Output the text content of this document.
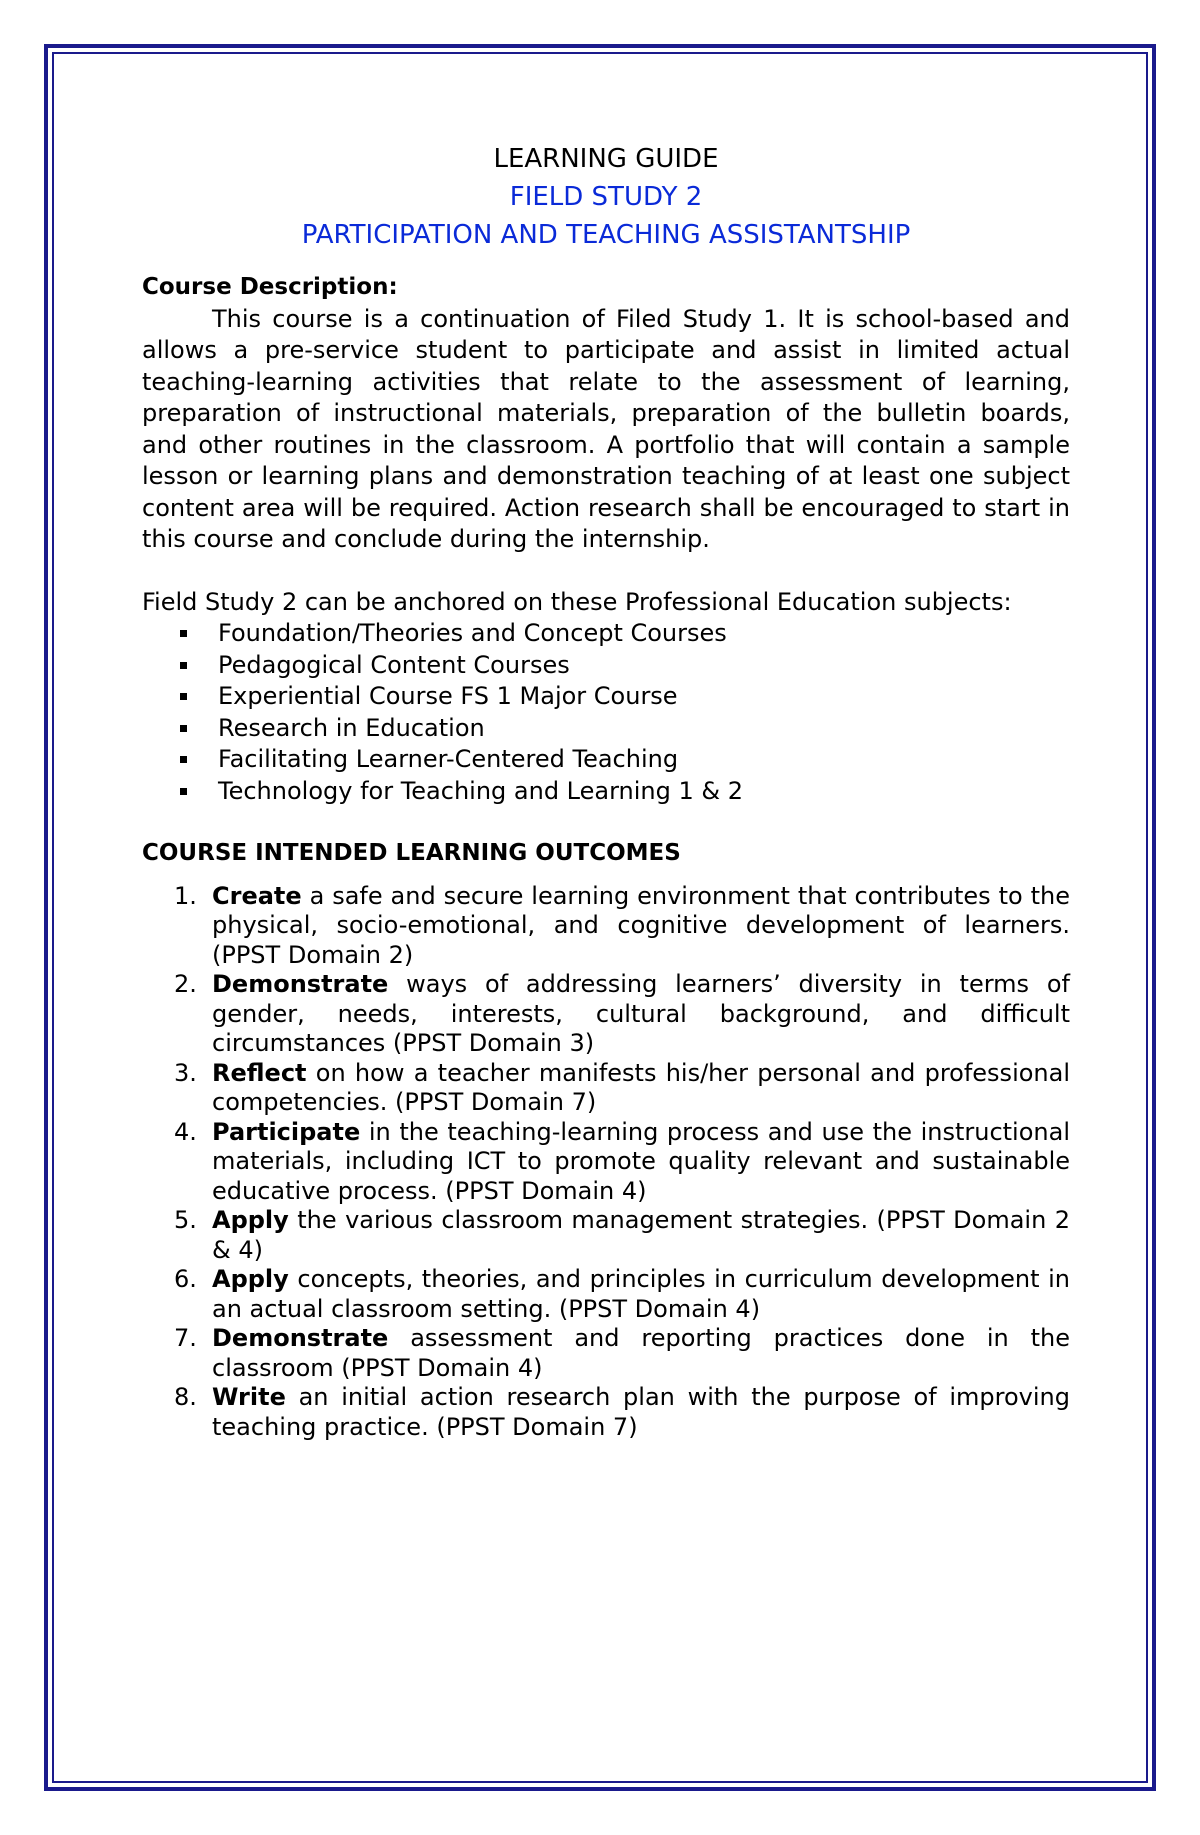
LEARNING GUIDE
FIELD STUDY 2
PARTICIPATION AND TEACHING ASSISTANTSHIP
Course Description:
This course is a continuation of Filed Study 1. It is school-based and allows a pre-service student to participate and assist in limited actual teaching-learning activities that relate to the assessment of learning, preparation of instructional materials, preparation of the bulletin boards, and other routines in the classroom. A portfolio that will contain a sample lesson or learning plans and demonstration teaching of at least one subject content area will be required. Action research shall be encouraged to start in this course and conclude during the internship.
Field Study 2 can be anchored on these Professional Education subjects:
Foundation/Theories and Concept Courses
Pedagogical Content Courses
Experiential Course FS 1 Major Course
Research in Education
Facilitating Learner-Centered Teaching
Technology for Teaching and Learning 1 & 2
COURSE INTENDED LEARNING OUTCOMES
1. Create a safe and secure learning environment that contributes to the physical, socio-emotional, and cognitive development of learners. (PPST Domain 2)
2. Demonstrate ways of addressing learners’ diversity in terms of gender, needs, interests, cultural background, and difficult circumstances (PPST Domain 3)
3. Reflect on how a teacher manifests his/her personal and professional competencies. (PPST Domain 7)
4. Participate in the teaching-learning process and use the instructional materials, including ICT to promote quality relevant and sustainable educative process. (PPST Domain 4)
5. Apply the various classroom management strategies. (PPST Domain 2 & 4)
6. Apply concepts, theories, and principles in curriculum development in an actual classroom setting. (PPST Domain 4)
7. Demonstrate assessment and reporting practices done in the classroom (PPST Domain 4)
8. Write an initial action research plan with the purpose of improving teaching practice. (PPST Domain 7)
